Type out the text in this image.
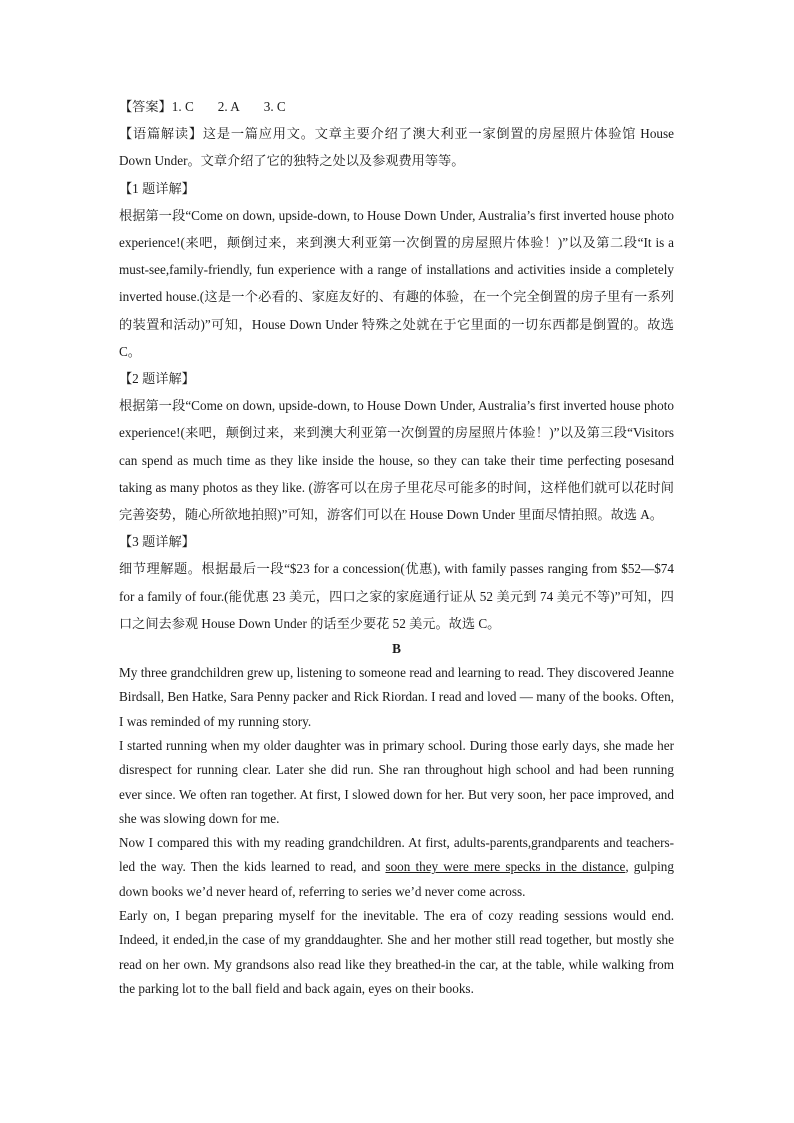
【答案】1. C 2. A 3. C

【语篇解读】这是一篇应用文。文章主要介绍了澳大利亚一家倒置的房屋照片体验馆 House Down Under。文章介绍了它的独特之处以及参观费用等等。

【1 题详解】

根据第一段“Come on down, upside-down, to House Down Under, Australia’s first inverted house photo experience!(来吧，颠倒过来，来到澳大利亚第一次倒置的房屋照片体验！)”以及第二段“It is a must-see,family-friendly, fun experience with a range of installations and activities inside a completely inverted house.(这是一个必看的、家庭友好的、有趣的体验，在一个完全倒置的房子里有一系列的装置和活动)”可知，House Down Under 特殊之处就在于它里面的一切东西都是倒置的。故选 C。

【2 题详解】

根据第一段“Come on down, upside-down, to House Down Under, Australia’s first inverted house photo experience!(来吧，颠倒过来，来到澳大利亚第一次倒置的房屋照片体验！)”以及第三段“Visitors can spend as much time as they like inside the house, so they can take their time perfecting posesand taking as many photos as they like. (游客可以在房子里花尽可能多的时间，这样他们就可以花时间完善姿势，随心所欲地拍照)”可知，游客们可以在 House Down Under 里面尽情拍照。故选 A。

【3 题详解】

细节理解题。根据最后一段“$23 for a concession(优惠), with family passes ranging from $52—$74 for a family of four.(能优惠 23 美元，四口之家的家庭通行证从 52 美元到 74 美元不等)”可知，四口之间去参观 House Down Under 的话至少要花 52 美元。故选 C。

B

My three grandchildren grew up, listening to someone read and learning to read. They discovered Jeanne Birdsall, Ben Hatke, Sara Penny packer and Rick Riordan. I read and loved — many of the books. Often, I was reminded of my running story.

I started running when my older daughter was in primary school. During those early days, she made her disrespect for running clear. Later she did run. She ran throughout high school and had been running ever since. We often ran together. At first, I slowed down for her. But very soon, her pace improved, and she was slowing down for me.

Now I compared this with my reading grandchildren. At first, adults-parents,grandparents and teachers-led the way. Then the kids learned to read, and soon they were mere specks in the distance, gulping down books we’d never heard of, referring to series we’d never come across.

Early on, I began preparing myself for the inevitable. The era of cozy reading sessions would end. Indeed, it ended,in the case of my granddaughter. She and her mother still read together, but mostly she read on her own. My grandsons also read like they breathed-in the car, at the table, while walking from the parking lot to the ball field and back again, eyes on their books.
